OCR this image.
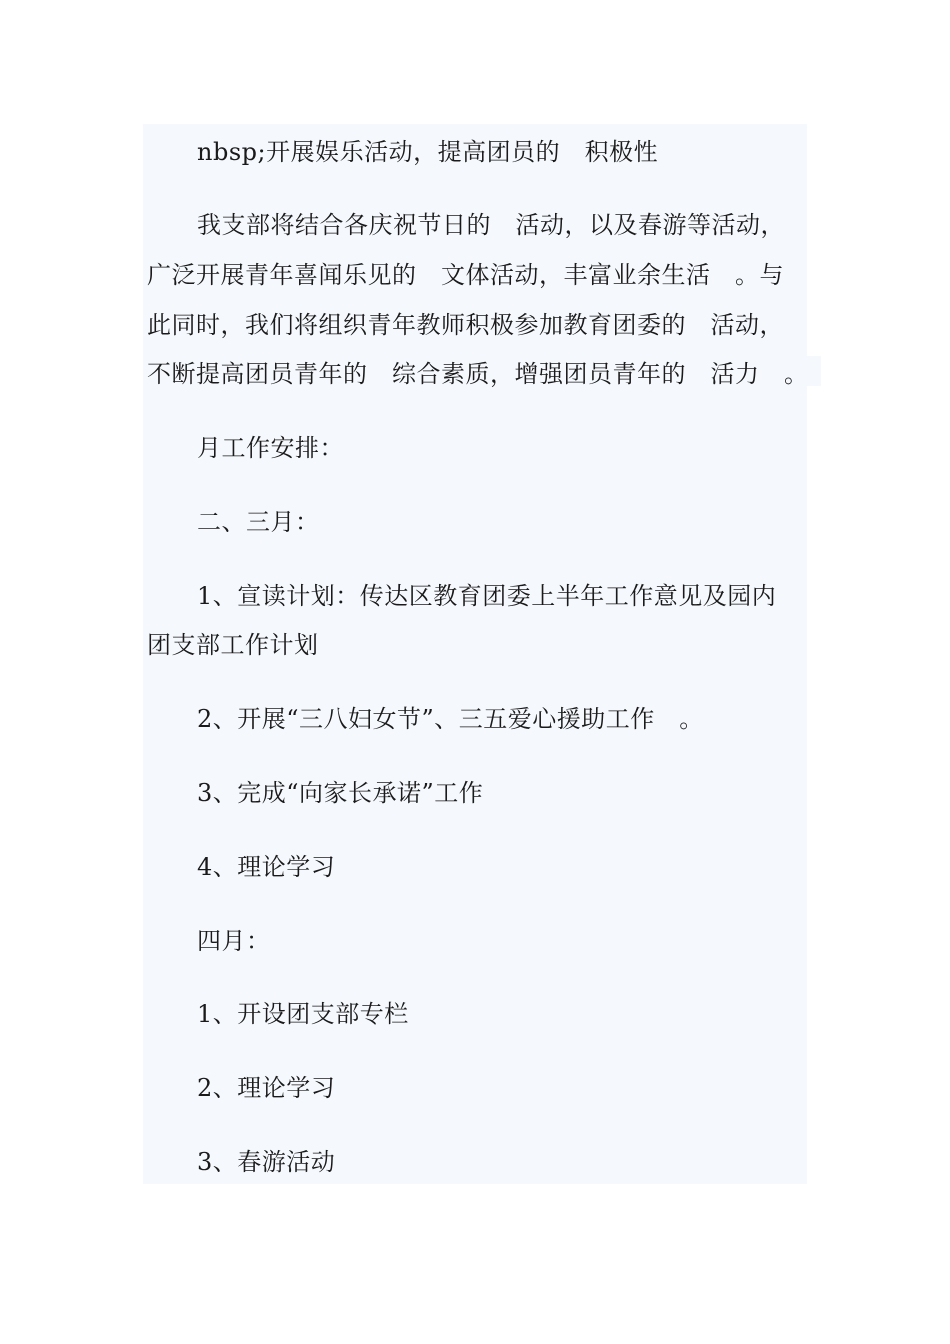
nbsp;开展娱乐活动，提高团员的　积极性

我支部将结合各庆祝节日的　活动，以及春游等活动，

广泛开展青年喜闻乐见的　文体活动，丰富业余生活　。与

此同时，我们将组织青年教师积极参加教育团委的　活动，

不断提高团员青年的　综合素质，增强团员青年的　活力　。

月工作安排：

二、三月：

1、宣读计划：传达区教育团委上半年工作意见及园内

团支部工作计划

2、开展“三八妇女节”、三五爱心援助工作　。

3、完成“向家长承诺”工作

4、理论学习

四月：

1、开设团支部专栏

2、理论学习

3、春游活动
